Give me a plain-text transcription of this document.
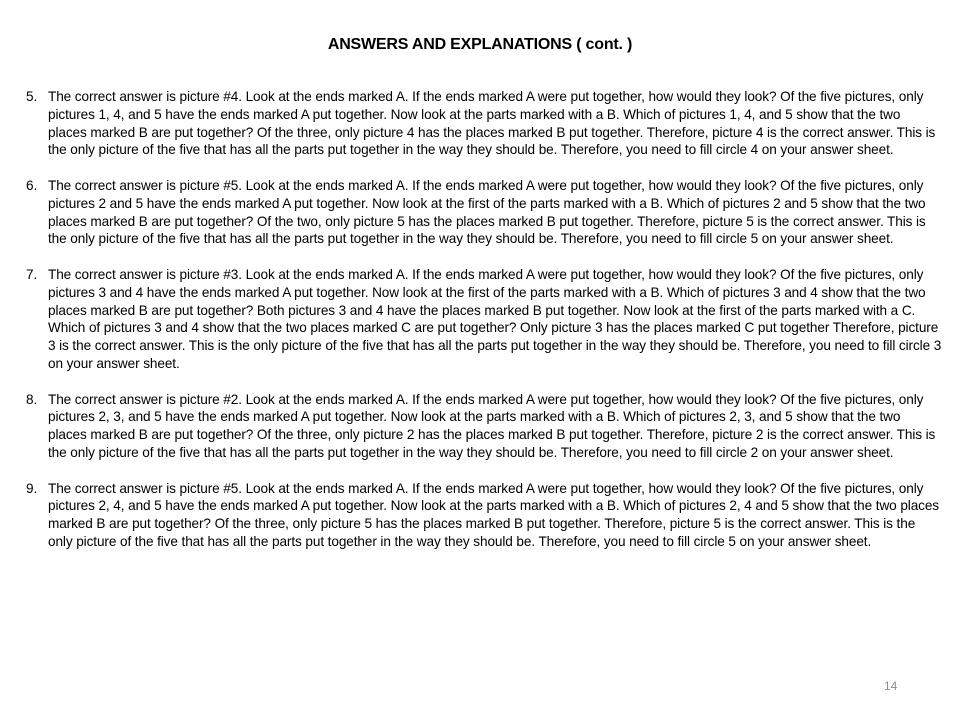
ANSWERS AND EXPLANATIONS ( cont. )
5. The correct answer is picture #4. Look at the ends marked A. If the ends marked A were put together, how would they look? Of the five pictures, only pictures 1, 4, and 5 have the ends marked A put together. Now look at the parts marked with a B. Which of pictures 1, 4, and 5 show that the two places marked B are put together? Of the three, only picture 4 has the places marked B put together. Therefore, picture 4 is the correct answer. This is the only picture of the five that has all the parts put together in the way they should be. Therefore, you need to fill circle 4 on your answer sheet.
6. The correct answer is picture #5. Look at the ends marked A. If the ends marked A were put together, how would they look? Of the five pictures, only pictures 2 and 5 have the ends marked A put together. Now look at the first of the parts marked with a B. Which of pictures 2 and 5 show that the two places marked B are put together? Of the two, only picture 5 has the places marked B put together. Therefore, picture 5 is the correct answer. This is the only picture of the five that has all the parts put together in the way they should be. Therefore, you need to fill circle 5 on your answer sheet.
7. The correct answer is picture #3. Look at the ends marked A. If the ends marked A were put together, how would they look? Of the five pictures, only pictures 3 and 4 have the ends marked A put together. Now look at the first of the parts marked with a B. Which of pictures 3 and 4 show that the two places marked B are put together? Both pictures 3 and 4 have the places marked B put together. Now look at the first of the parts marked with a C. Which of pictures 3 and 4 show that the two places marked C are put together? Only picture 3 has the places marked C put together Therefore, picture 3 is the correct answer. This is the only picture of the five that has all the parts put together in the way they should be. Therefore, you need to fill circle 3 on your answer sheet.
8. The correct answer is picture #2. Look at the ends marked A. If the ends marked A were put together, how would they look? Of the five pictures, only pictures 2, 3, and 5 have the ends marked A put together. Now look at the parts marked with a B. Which of pictures 2, 3, and 5 show that the two places marked B are put together? Of the three, only picture 2 has the places marked B put together. Therefore, picture 2 is the correct answer. This is the only picture of the five that has all the parts put together in the way they should be. Therefore, you need to fill circle 2 on your answer sheet.
9. The correct answer is picture #5. Look at the ends marked A. If the ends marked A were put together, how would they look? Of the five pictures, only pictures 2, 4, and 5 have the ends marked A put together. Now look at the parts marked with a B. Which of pictures 2, 4 and 5 show that the two places marked B are put together? Of the three, only picture 5 has the places marked B put together. Therefore, picture 5 is the correct answer. This is the only picture of the five that has all the parts put together in the way they should be. Therefore, you need to fill circle 5 on your answer sheet.
14
